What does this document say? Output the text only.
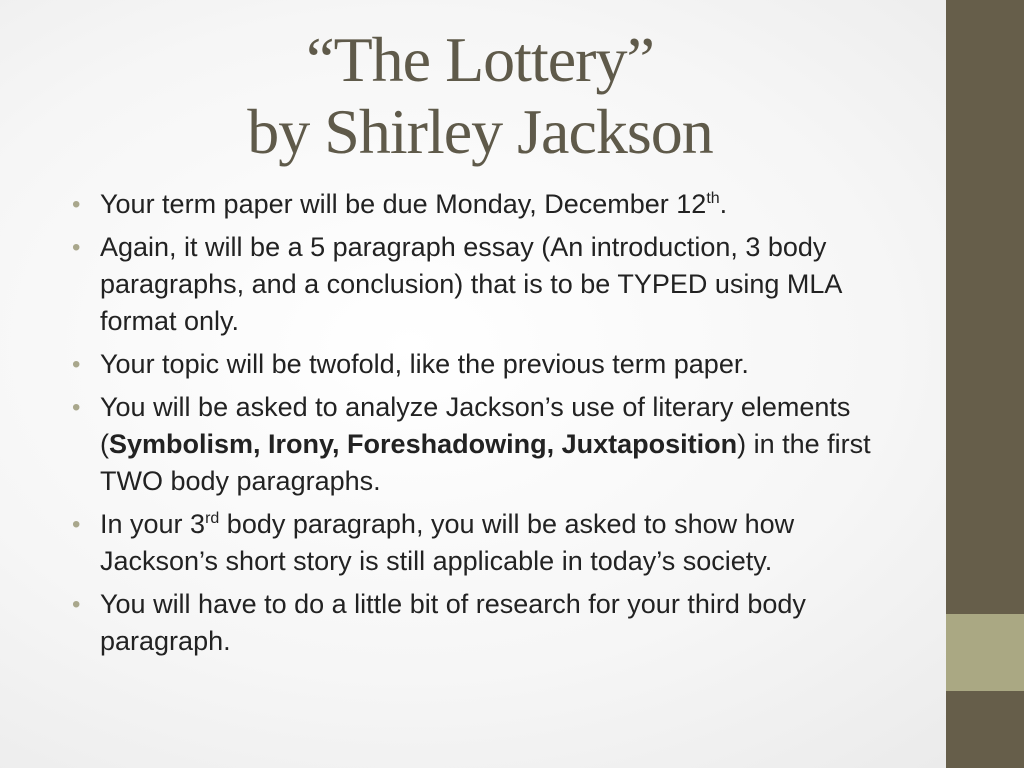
“The Lottery”
by Shirley Jackson
• Your term paper will be due Monday, December 12th.
• Again, it will be a 5 paragraph essay (An introduction, 3 body paragraphs, and a conclusion) that is to be TYPED using MLA format only.
• Your topic will be twofold, like the previous term paper.
• You will be asked to analyze Jackson’s use of literary elements (Symbolism, Irony, Foreshadowing, Juxtaposition) in the first TWO body paragraphs.
• In your 3rd body paragraph, you will be asked to show how Jackson’s short story is still applicable in today’s society.
• You will have to do a little bit of research for your third body paragraph.
